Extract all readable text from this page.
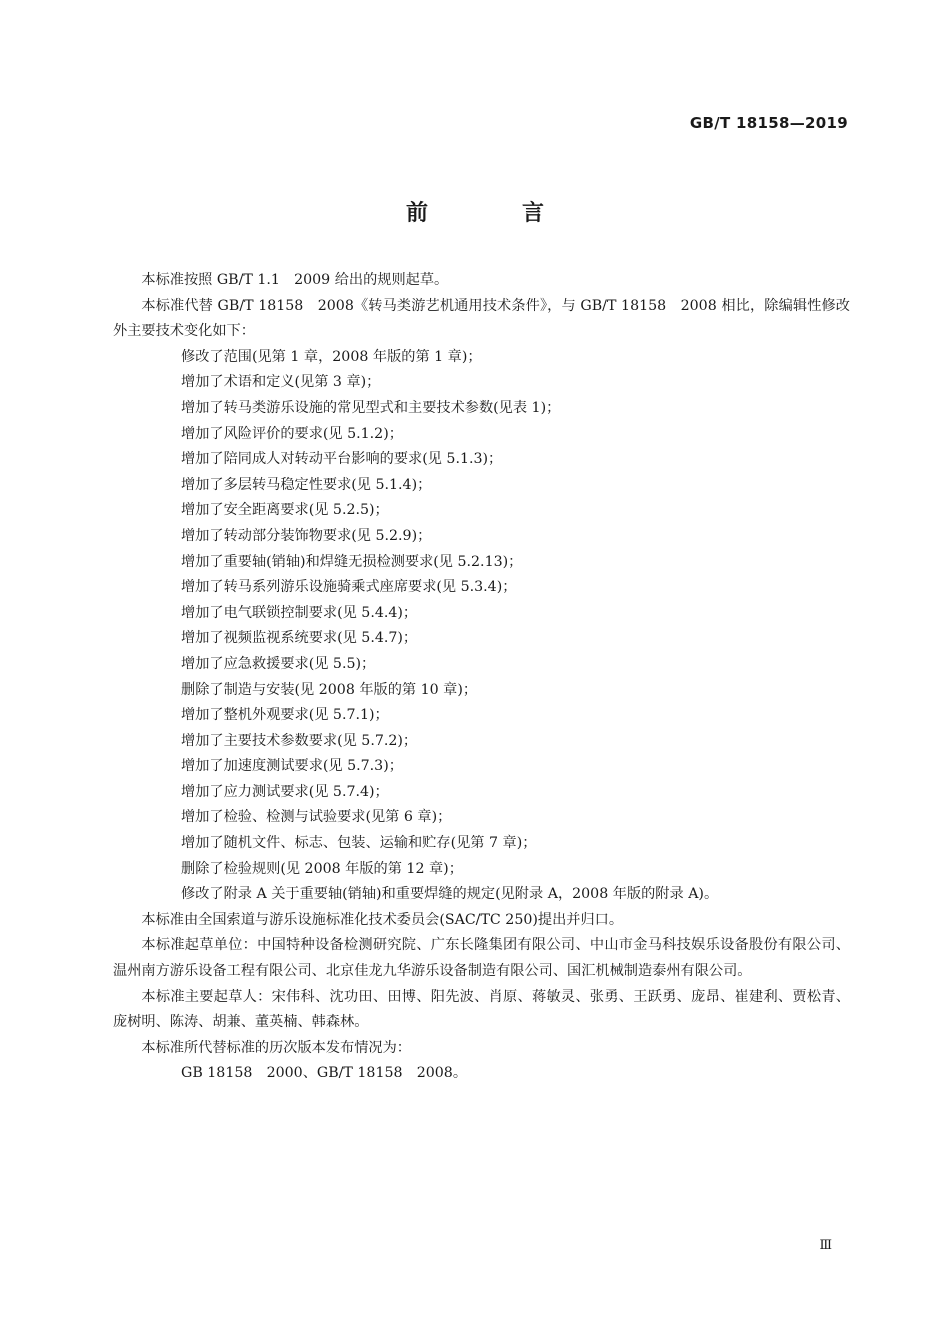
GB/T 18158—2019
前　言

本标准按照 GB/T 1.1　2009 给出的规则起草。

本标准代替 GB/T 18158　2008《转马类游艺机通用技术条件》，与 GB/T 18158　2008 相比，除编辑性修改外主要技术变化如下：

修改了范围(见第 1 章，2008 年版的第 1 章)；
增加了术语和定义(见第 3 章)；
增加了转马类游乐设施的常见型式和主要技术参数(见表 1)；
增加了风险评价的要求(见 5.1.2)；
增加了陪同成人对转动平台影响的要求(见 5.1.3)；
增加了多层转马稳定性要求(见 5.1.4)；
增加了安全距离要求(见 5.2.5)；
增加了转动部分装饰物要求(见 5.2.9)；
增加了重要轴(销轴)和焊缝无损检测要求(见 5.2.13)；
增加了转马系列游乐设施骑乘式座席要求(见 5.3.4)；
增加了电气联锁控制要求(见 5.4.4)；
增加了视频监视系统要求(见 5.4.7)；
增加了应急救援要求(见 5.5)；
删除了制造与安装(见 2008 年版的第 10 章)；
增加了整机外观要求(见 5.7.1)；
增加了主要技术参数要求(见 5.7.2)；
增加了加速度测试要求(见 5.7.3)；
增加了应力测试要求(见 5.7.4)；
增加了检验、检测与试验要求(见第 6 章)；
增加了随机文件、标志、包装、运输和贮存(见第 7 章)；
删除了检验规则(见 2008 年版的第 12 章)；
修改了附录 A 关于重要轴(销轴)和重要焊缝的规定(见附录 A，2008 年版的附录 A)。

本标准由全国索道与游乐设施标准化技术委员会(SAC/TC 250)提出并归口。

本标准起草单位：中国特种设备检测研究院、广东长隆集团有限公司、中山市金马科技娱乐设备股份有限公司、温州南方游乐设备工程有限公司、北京佳龙九华游乐设备制造有限公司、国汇机械制造泰州有限公司。

本标准主要起草人：宋伟科、沈功田、田博、阳先波、肖原、蒋敏灵、张勇、王跃勇、庞昂、崔建利、贾松青、庞树明、陈涛、胡兼、董英楠、韩森林。

本标准所代替标准的历次版本发布情况为：

GB 18158　2000、GB/T 18158　2008。
Ⅲ
